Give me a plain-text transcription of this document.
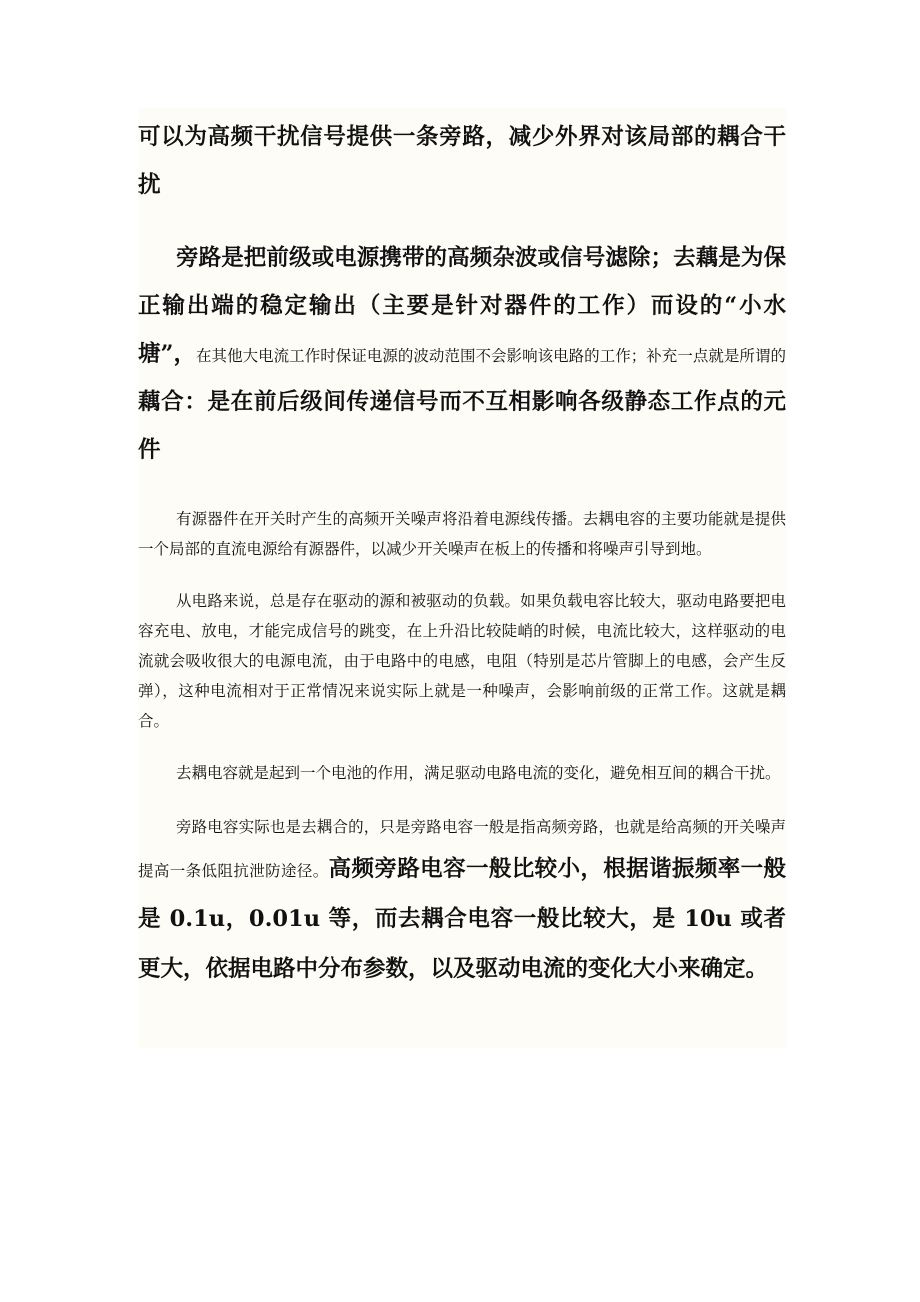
可以为高频干扰信号提供一条旁路，减少外界对该局部的耦合干扰

旁路是把前级或电源携带的高频杂波或信号滤除；去藕是为保正输出端的稳定输出（主要是针对器件的工作）而设的“小水塘”，在其他大电流工作时保证电源的波动范围不会影响该电路的工作；补充一点就是所谓的藕合：是在前后级间传递信号而不互相影响各级静态工作点的元件

有源器件在开关时产生的高频开关噪声将沿着电源线传播。去耦电容的主要功能就是提供一个局部的直流电源给有源器件，以减少开关噪声在板上的传播和将噪声引导到地。

从电路来说，总是存在驱动的源和被驱动的负载。如果负载电容比较大，驱动电路要把电容充电、放电，才能完成信号的跳变，在上升沿比较陡峭的时候，电流比较大，这样驱动的电流就会吸收很大的电源电流，由于电路中的电感，电阻（特别是芯片管脚上的电感，会产生反弹），这种电流相对于正常情况来说实际上就是一种噪声，会影响前级的正常工作。这就是耦合。

去耦电容就是起到一个电池的作用，满足驱动电路电流的变化，避免相互间的耦合干扰。

旁路电容实际也是去耦合的，只是旁路电容一般是指高频旁路，也就是给高频的开关噪声提高一条低阻抗泄防途径。高频旁路电容一般比较小，根据谐振频率一般是 0.1u，0.01u 等，而去耦合电容一般比较大，是 10u 或者更大，依据电路中分布参数，以及驱动电流的变化大小来确定。
